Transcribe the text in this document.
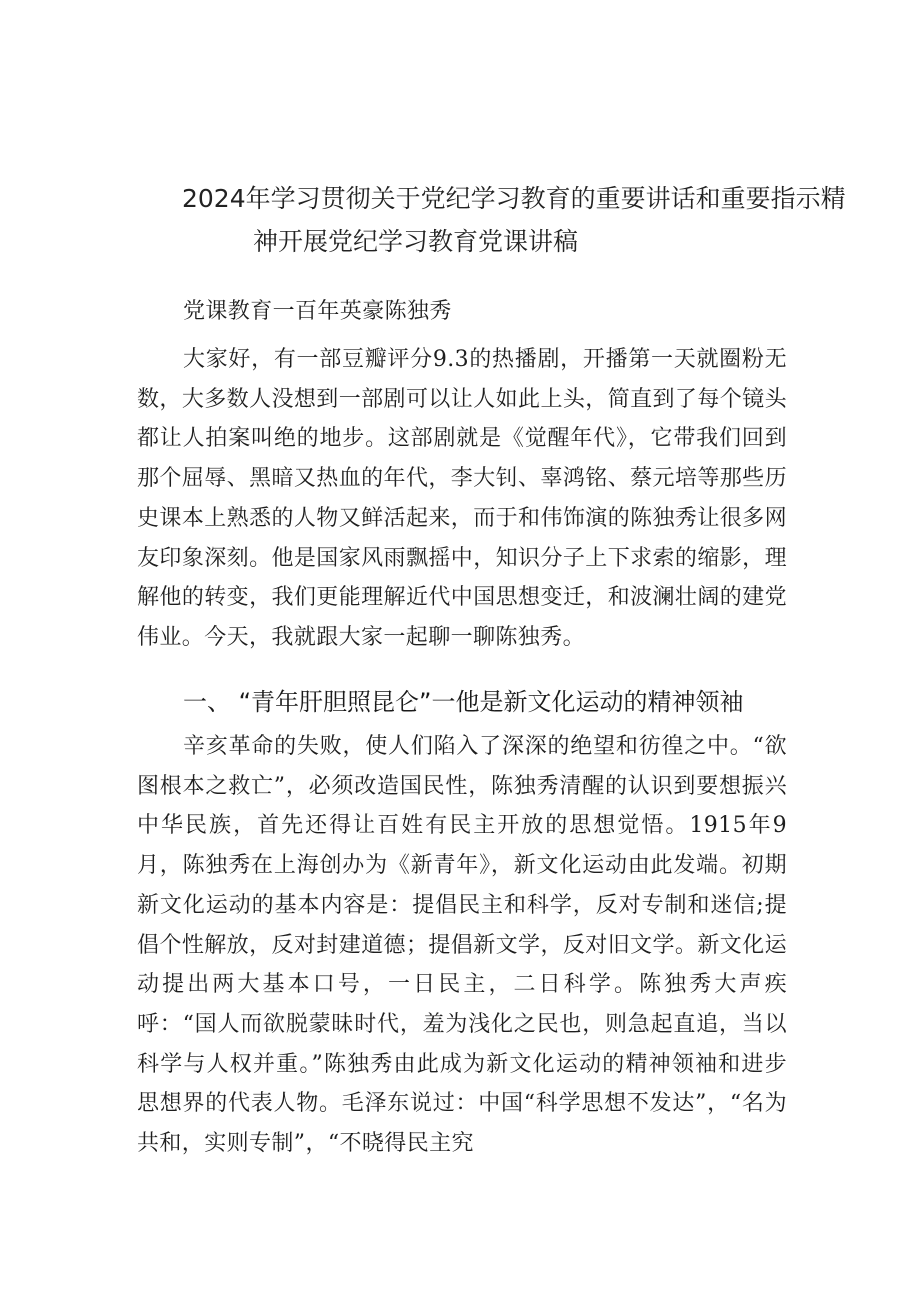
2024年学习贯彻关于党纪学习教育的重要讲话和重要指示精
神开展党纪学习教育党课讲稿
党课教育一百年英豪陈独秀

大家好，有一部豆瓣评分9.3的热播剧，开播第一天就圈粉无数，大多数人没想到一部剧可以让人如此上头，简直到了每个镜头都让人拍案叫绝的地步。这部剧就是《觉醒年代》，它带我们回到那个屈辱、黑暗又热血的年代，李大钊、辜鸿铭、蔡元培等那些历史课本上熟悉的人物又鲜活起来，而于和伟饰演的陈独秀让很多网友印象深刻。他是国家风雨飘摇中，知识分子上下求索的缩影，理解他的转变，我们更能理解近代中国思想变迁，和波澜壮阔的建党伟业。今天，我就跟大家一起聊一聊陈独秀。

一、 “青年肝胆照昆仑”一他是新文化运动的精神领袖

辛亥革命的失败，使人们陷入了深深的绝望和彷徨之中。“欲图根本之救亡”，必须改造国民性，陈独秀清醒的认识到要想振兴中华民族，首先还得让百姓有民主开放的思想觉悟。1915年9月，陈独秀在上海创办为《新青年》，新文化运动由此发端。初期新文化运动的基本内容是：提倡民主和科学，反对专制和迷信;提倡个性解放，反对封建道德；提倡新文学，反对旧文学。新文化运动提出两大基本口号，一日民主，二日科学。陈独秀大声疾呼：“国人而欲脱蒙昧时代，羞为浅化之民也，则急起直追，当以科学与人权并重。”陈独秀由此成为新文化运动的精神领袖和进步思想界的代表人物。毛泽东说过：中国“科学思想不发达”，“名为共和，实则专制”，“不晓得民主究
